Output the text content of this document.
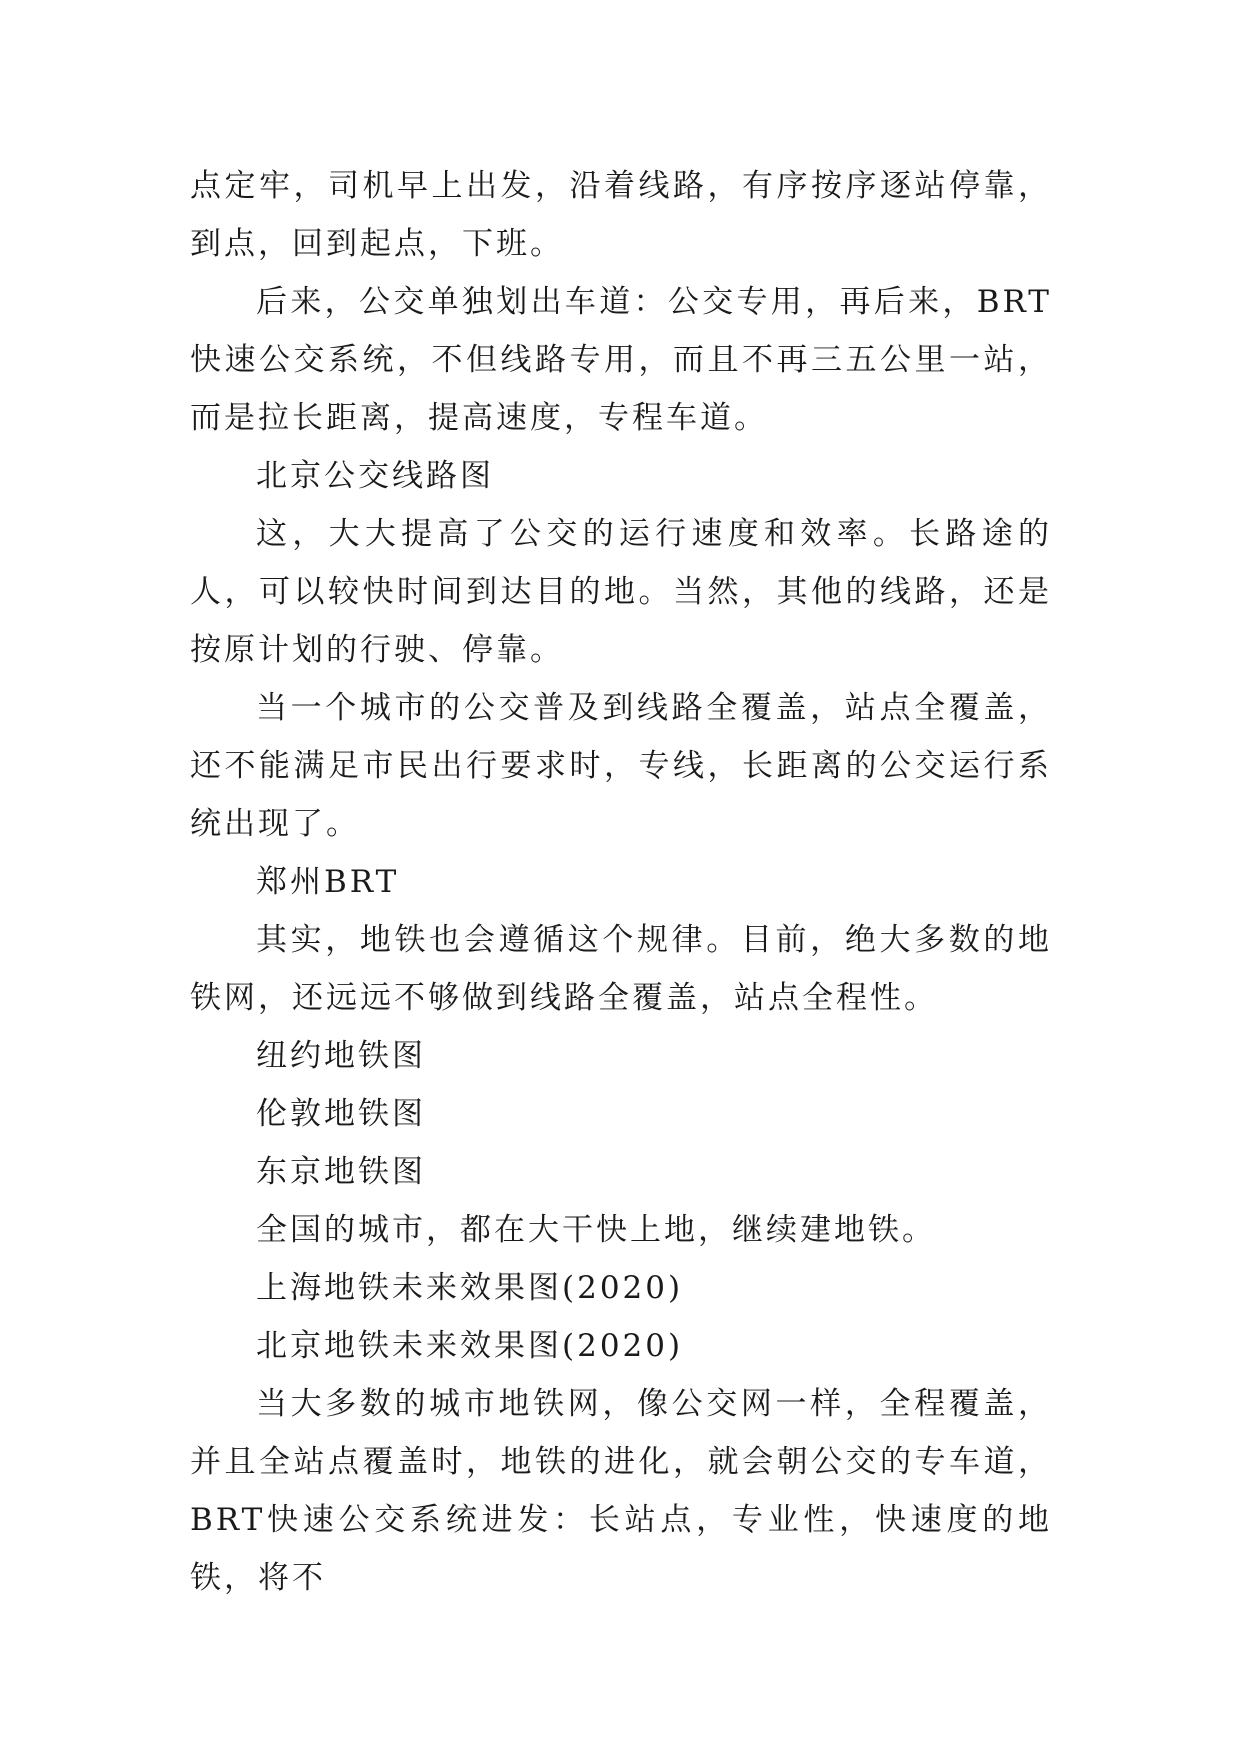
点定牢，司机早上出发，沿着线路，有序按序逐站停靠，到点，回到起点，下班。

后来，公交单独划出车道：公交专用，再后来，BRT快速公交系统，不但线路专用，而且不再三五公里一站，而是拉长距离，提高速度，专程车道。

北京公交线路图

这，大大提高了公交的运行速度和效率。长路途的人，可以较快时间到达目的地。当然，其他的线路，还是按原计划的行驶、停靠。

当一个城市的公交普及到线路全覆盖，站点全覆盖，还不能满足市民出行要求时，专线，长距离的公交运行系统出现了。

郑州BRT

其实，地铁也会遵循这个规律。目前，绝大多数的地铁网，还远远不够做到线路全覆盖，站点全程性。

纽约地铁图

伦敦地铁图

东京地铁图

全国的城市，都在大干快上地，继续建地铁。

上海地铁未来效果图(2020)

北京地铁未来效果图(2020)

当大多数的城市地铁网，像公交网一样，全程覆盖，并且全站点覆盖时，地铁的进化，就会朝公交的专车道，BRT快速公交系统进发：长站点，专业性，快速度的地铁，将不
